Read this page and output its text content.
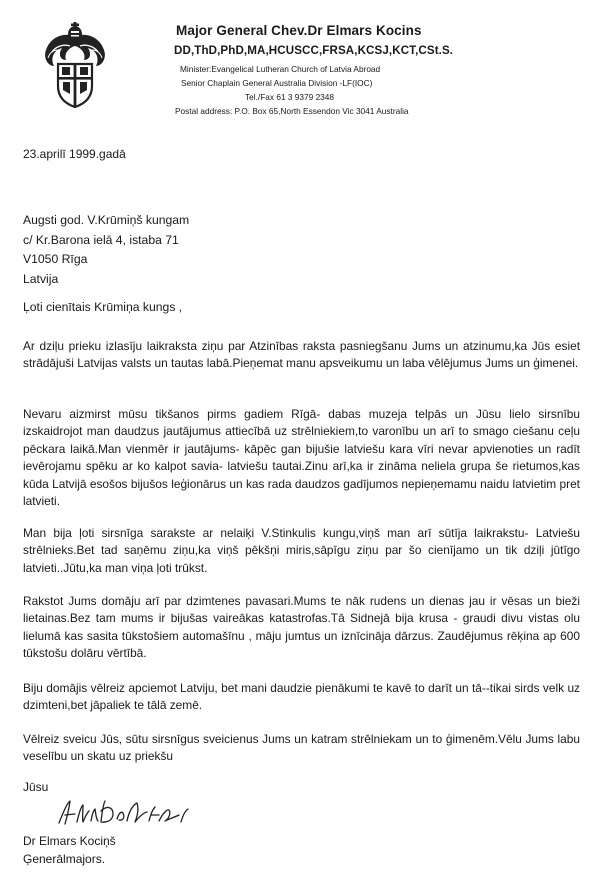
Major General Chev.Dr Elmars Kocins
DD,ThD,PhD,MA,HCUSCC,FRSA,KCSJ,KCT,CSt.S.
Minister:Evangelical Lutheran Church of Latvia Abroad
Senior Chaplain General Australia Division -LF(IOC)
Tel./Fax 61 3 9379 2348
Postal address: P.O. Box 65,North Essendon Vic 3041 Australia
23.aprilī 1999.gadā
Augsti god. V.Krūmiņš kungam
c/ Kr.Barona ielā 4, istaba 71
V1050 Rīga
Latvija
Ļoti cienītais Krūmiņa kungs ,

Ar dziļu prieku izlasīju laikraksta ziņu par Atzinības raksta pasniegšanu Jums un atzinumu,ka Jūs esiet strādājuši Latvijas valsts un tautas labā.Pieņemat manu apsveikumu un laba vēlējumus Jums un ģimenei.

Nevaru aizmirst mūsu tikšanos pirms gadiem Rīgā- dabas muzeja telpās un Jūsu lielo sirsnību izskaidrojot man daudzus jautājumus attiecībā uz strēlniekiem,to varonību un arī to smago ciešanu ceļu pēckara laikā.Man vienmēr ir jautājums- kāpēc gan bijušie latviešu kara vīri nevar apvienoties un radīt ievērojamu spēku ar ko kalpot savia- latviešu tautai.Zinu arī,ka ir zināma neliela grupa še rietumos,kas kūda Latvijā esošos bijušos leģionārus un kas rada daudzos gadījumos nepieņemamu naidu latvietim pret latvieti.

Man bija ļoti sirsnīga sarakste ar nelaiķi V.Stinkulis kungu,viņš man arī sūtīja laikrakstu- Latviešu strēlnieks.Bet tad saņēmu ziņu,ka viņš pēkšņi miris,sāpīgu ziņu par šo cienījamo un tik dziļi jūtīgo latvieti..Jūtu,ka man viņa ļoti trūkst.

Rakstot Jums domāju arī par dzimtenes pavasari.Mums te nāk rudens un dienas jau ir vēsas un bieži lietainas.Bez tam mums ir bijušas vaireākas katastrofas.Tā Sidnejā bija krusa - graudi divu vistas olu lielumā kas sasita tūkstošiem automašīnu , māju jumtus un iznīcināja dārzus. Zaudējumus rēķina ap 600 tūkstošu dolāru vērtībā.

Biju domājis vēlreiz apciemot Latviju, bet mani daudzie pienākumi te kavē to darīt un tā--tikai sirds velk uz dzimteni,bet jāpaliek te tālā zemē.

Vēlreiz sveicu Jūs, sūtu sirsnīgus sveicienus Jums un katram strēlniekam un to ģimenēm.Vēlu Jums labu veselību un skatu uz priekšu

Jūsu
Dr Elmars Kociņš
Ģenerālmajors.
